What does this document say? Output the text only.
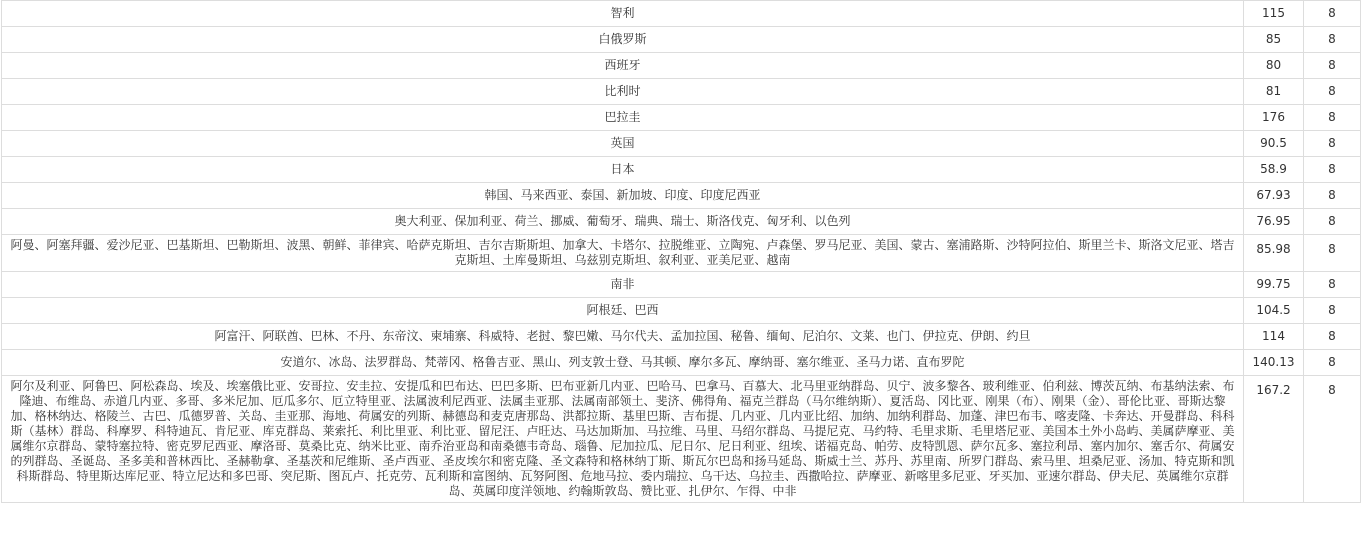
智利	115	8
白俄罗斯	85	8
西班牙	80	8
比利时	81	8
巴拉圭	176	8
英国	90.5	8
日本	58.9	8
韩国、马来西亚、泰国、新加坡、印度、印度尼西亚	67.93	8
奥大利亚、保加利亚、荷兰、挪威、葡萄牙、瑞典、瑞士、斯洛伐克、匈牙利、以色列	76.95	8
阿曼、阿塞拜疆、爱沙尼亚、巴基斯坦、巴勒斯坦、波黑、朝鲜、菲律宾、哈萨克斯坦、吉尔吉斯斯坦、加拿大、卡塔尔、拉脱维亚、立陶宛、卢森堡、罗马尼亚、美国、蒙古、塞浦路斯、沙特阿拉伯、斯里兰卡、斯洛文尼亚、塔吉克斯坦、土库曼斯坦、乌兹别克斯坦、叙利亚、亚美尼亚、越南	85.98	8
南非	99.75	8
阿根廷、巴西	104.5	8
阿富汗、阿联酋、巴林、不丹、东帝汶、柬埔寨、科威特、老挝、黎巴嫩、马尔代夫、孟加拉国、秘鲁、缅甸、尼泊尔、文莱、也门、伊拉克、伊朗、约旦	114	8
安道尔、冰岛、法罗群岛、梵蒂冈、格鲁吉亚、黑山、列支敦士登、马其顿、摩尔多瓦、摩纳哥、塞尔维亚、圣马力诺、直布罗陀	140.13	8
阿尔及利亚、阿鲁巴、阿松森岛、埃及、埃塞俄比亚、安哥拉、安圭拉、安提瓜和巴布达、巴巴多斯、巴布亚新几内亚、巴哈马、巴拿马、百慕大、北马里亚纳群岛、贝宁、波多黎各、玻利维亚、伯利兹、博茨瓦纳、布基纳法索、布隆迪、布维岛、赤道几内亚、多哥、多米尼加、厄瓜多尔、厄立特里亚、法属波利尼西亚、法属圭亚那、法属南部领土、斐济、佛得角、福克兰群岛（马尔维纳斯）、夏活岛、冈比亚、刚果（布）、刚果（金）、哥伦比亚、哥斯达黎加、格林纳达、格陵兰、古巴、瓜德罗普、关岛、圭亚那、海地、荷属安的列斯、赫德岛和麦克唐那岛、洪都拉斯、基里巴斯、吉布提、几内亚、几内亚比绍、加纳、加纳利群岛、加蓬、津巴布韦、喀麦隆、卡奔达、开曼群岛、科科斯（基林）群岛、科摩罗、科特迪瓦、肯尼亚、库克群岛、莱索托、利比里亚、利比亚、留尼汪、卢旺达、马达加斯加、马拉维、马里、马绍尔群岛、马提尼克、马约特、毛里求斯、毛里塔尼亚、美国本土外小岛屿、美属萨摩亚、美属维尔京群岛、蒙特塞拉特、密克罗尼西亚、摩洛哥、莫桑比克、纳米比亚、南乔治亚岛和南桑德韦奇岛、瑙鲁、尼加拉瓜、尼日尔、尼日利亚、纽埃、诺福克岛、帕劳、皮特凯恩、萨尔瓦多、塞拉利昂、塞内加尔、塞舌尔、荷属安的列群岛、圣诞岛、圣多美和普林西比、圣赫勒拿、圣基茨和尼维斯、圣卢西亚、圣皮埃尔和密克隆、圣文森特和格林纳丁斯、斯瓦尔巴岛和扬马延岛、斯威士兰、苏丹、苏里南、所罗门群岛、索马里、坦桑尼亚、汤加、特克斯和凯科斯群岛、特里斯达库尼亚、特立尼达和多巴哥、突尼斯、图瓦卢、托克劳、瓦利斯和富图纳、瓦努阿图、危地马拉、委内瑞拉、乌干达、乌拉圭、西撒哈拉、萨摩亚、新喀里多尼亚、牙买加、亚速尔群岛、伊夫尼、英属维尔京群岛、英属印度洋领地、约翰斯敦岛、赞比亚、扎伊尔、乍得、中非	167.2	8
